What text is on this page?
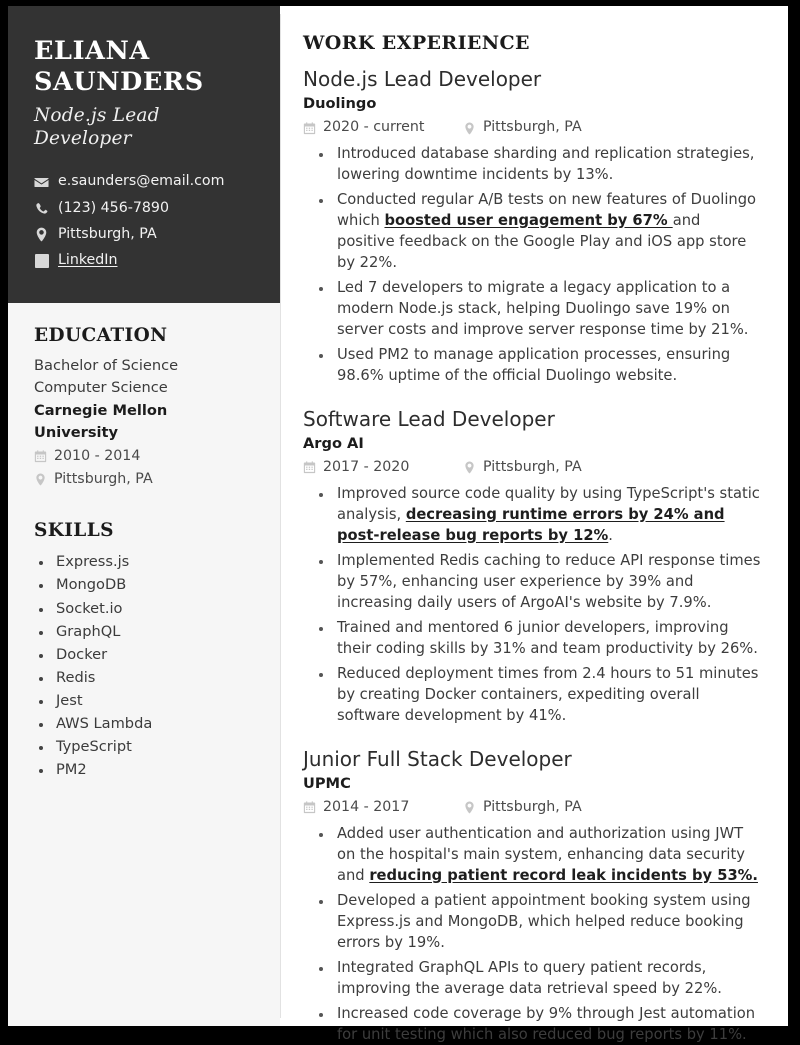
ELIANA
SAUNDERS
Node.js Lead Developer
e.saunders@email.com
(123) 456-7890
Pittsburgh, PA
LinkedIn
EDUCATION
Bachelor of Science
Computer Science
Carnegie Mellon University
2010 - 2014
Pittsburgh, PA
SKILLS
• Express.js
• MongoDB
• Socket.io
• GraphQL
• Docker
• Redis
• Jest
• AWS Lambda
• TypeScript
• PM2
WORK EXPERIENCE
Node.js Lead Developer
Duolingo
2020 - current	Pittsburgh, PA
• Introduced database sharding and replication strategies, lowering downtime incidents by 13%.
• Conducted regular A/B tests on new features of Duolingo which boosted user engagement by 67% and positive feedback on the Google Play and iOS app store by 22%.
• Led 7 developers to migrate a legacy application to a modern Node.js stack, helping Duolingo save 19% on server costs and improve server response time by 21%.
• Used PM2 to manage application processes, ensuring 98.6% uptime of the official Duolingo website.
Software Lead Developer
Argo AI
2017 - 2020	Pittsburgh, PA
• Improved source code quality by using TypeScript's static analysis, decreasing runtime errors by 24% and post-release bug reports by 12%.
• Implemented Redis caching to reduce API response times by 57%, enhancing user experience by 39% and increasing daily users of ArgoAI's website by 7.9%.
• Trained and mentored 6 junior developers, improving their coding skills by 31% and team productivity by 26%.
• Reduced deployment times from 2.4 hours to 51 minutes by creating Docker containers, expediting overall software development by 41%.
Junior Full Stack Developer
UPMC
2014 - 2017	Pittsburgh, PA
• Added user authentication and authorization using JWT on the hospital's main system, enhancing data security and reducing patient record leak incidents by 53%.
• Developed a patient appointment booking system using Express.js and MongoDB, which helped reduce booking errors by 19%.
• Integrated GraphQL APIs to query patient records, improving the average data retrieval speed by 22%.
• Increased code coverage by 9% through Jest automation for unit testing which also reduced bug reports by 11%.
